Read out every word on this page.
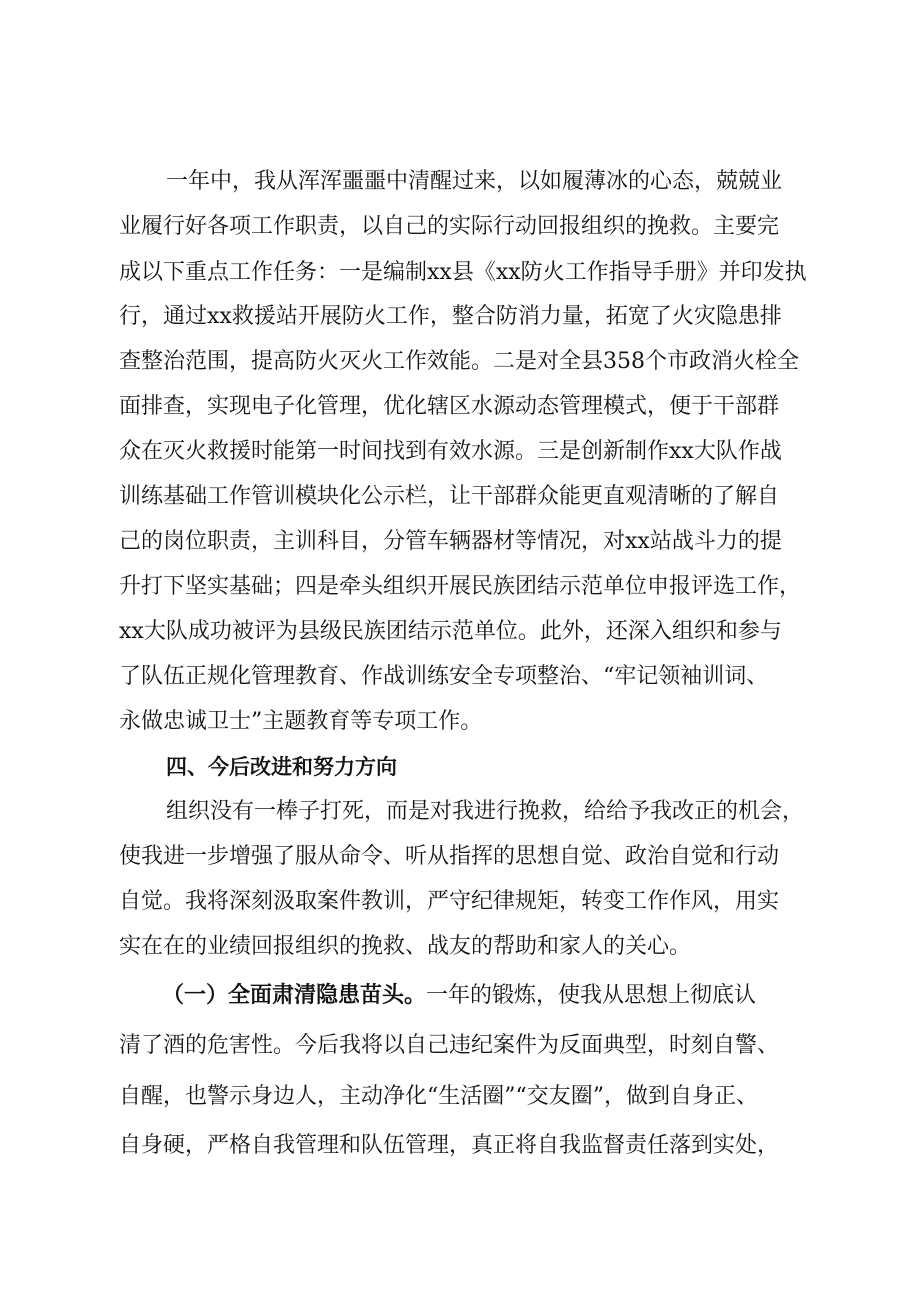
一年中，我从浑浑噩噩中清醒过来，以如履薄冰的心态，兢兢业
业履行好各项工作职责，以自己的实际行动回报组织的挽救。主要完
成以下重点工作任务：一是编制xx县《xx防火工作指导手册》并印发执
行，通过xx救援站开展防火工作，整合防消力量，拓宽了火灾隐患排
查整治范围，提高防火灭火工作效能。二是对全县358个市政消火栓全
面排查，实现电子化管理，优化辖区水源动态管理模式，便于干部群
众在灭火救援时能第一时间找到有效水源。三是创新制作xx大队作战
训练基础工作管训模块化公示栏，让干部群众能更直观清晰的了解自
己的岗位职责，主训科目，分管车辆器材等情况，对xx站战斗力的提
升打下坚实基础；四是牵头组织开展民族团结示范单位申报评选工作，
xx大队成功被评为县级民族团结示范单位。此外，还深入组织和参与
了队伍正规化管理教育、作战训练安全专项整治、“牢记领袖训词、
永做忠诚卫士”主题教育等专项工作。
四、今后改进和努力方向
组织没有一棒子打死，而是对我进行挽救，给给予我改正的机会，
使我进一步增强了服从命令、听从指挥的思想自觉、政治自觉和行动
自觉。我将深刻汲取案件教训，严守纪律规矩，转变工作作风，用实
实在在的业绩回报组织的挽救、战友的帮助和家人的关心。
（一）全面肃清隐患苗头。一年的锻炼，使我从思想上彻底认
清了酒的危害性。今后我将以自己违纪案件为反面典型，时刻自警、
自醒，也警示身边人，主动净化“生活圈”“交友圈”，做到自身正、
自身硬，严格自我管理和队伍管理，真正将自我监督责任落到实处，
